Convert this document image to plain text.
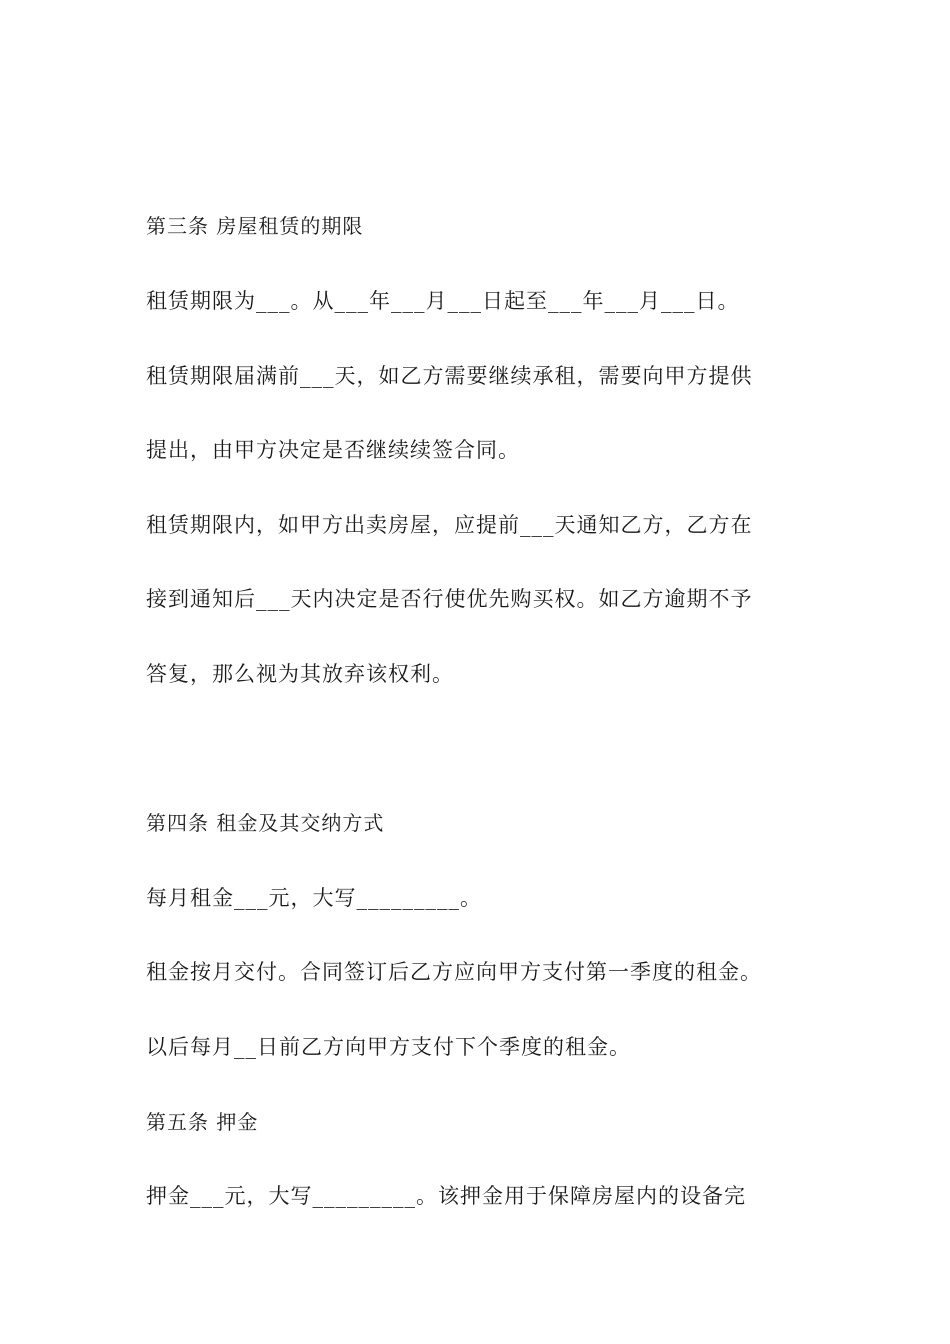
第三条 房屋租赁的期限
租赁期限为___。从___年___月___日起至___年___月___日。
租赁期限届满前___天，如乙方需要继续承租，需要向甲方提供
提出，由甲方决定是否继续续签合同。
租赁期限内，如甲方出卖房屋，应提前___天通知乙方，乙方在
接到通知后___天内决定是否行使优先购买权。如乙方逾期不予
答复，那么视为其放弃该权利。
第四条 租金及其交纳方式
每月租金___元，大写_________。
租金按月交付。合同签订后乙方应向甲方支付第一季度的租金。
以后每月__日前乙方向甲方支付下个季度的租金。
第五条 押金
押金___元，大写_________。该押金用于保障房屋内的设备完
